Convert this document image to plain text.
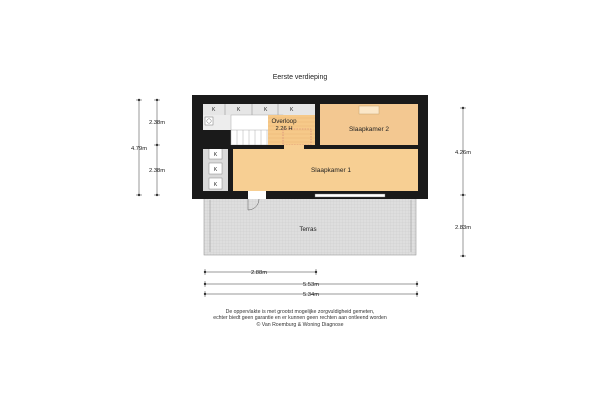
Eerste verdieping
K	K	K	K
Overloop
2.26 H	Slaapkamer 2
K
K
K
Slaapkamer 1
Terras
2.38m
4.79m
2.38m
4.26m
2.83m
2.88m
5.53m
5.34m
De oppervlakte is met grootst mogelijke zorgvuldigheid gemeten,
echter biedt geen garantie en er kunnen geen rechten aan ontleend worden
© Van Roemburg & Woning Diagnose
